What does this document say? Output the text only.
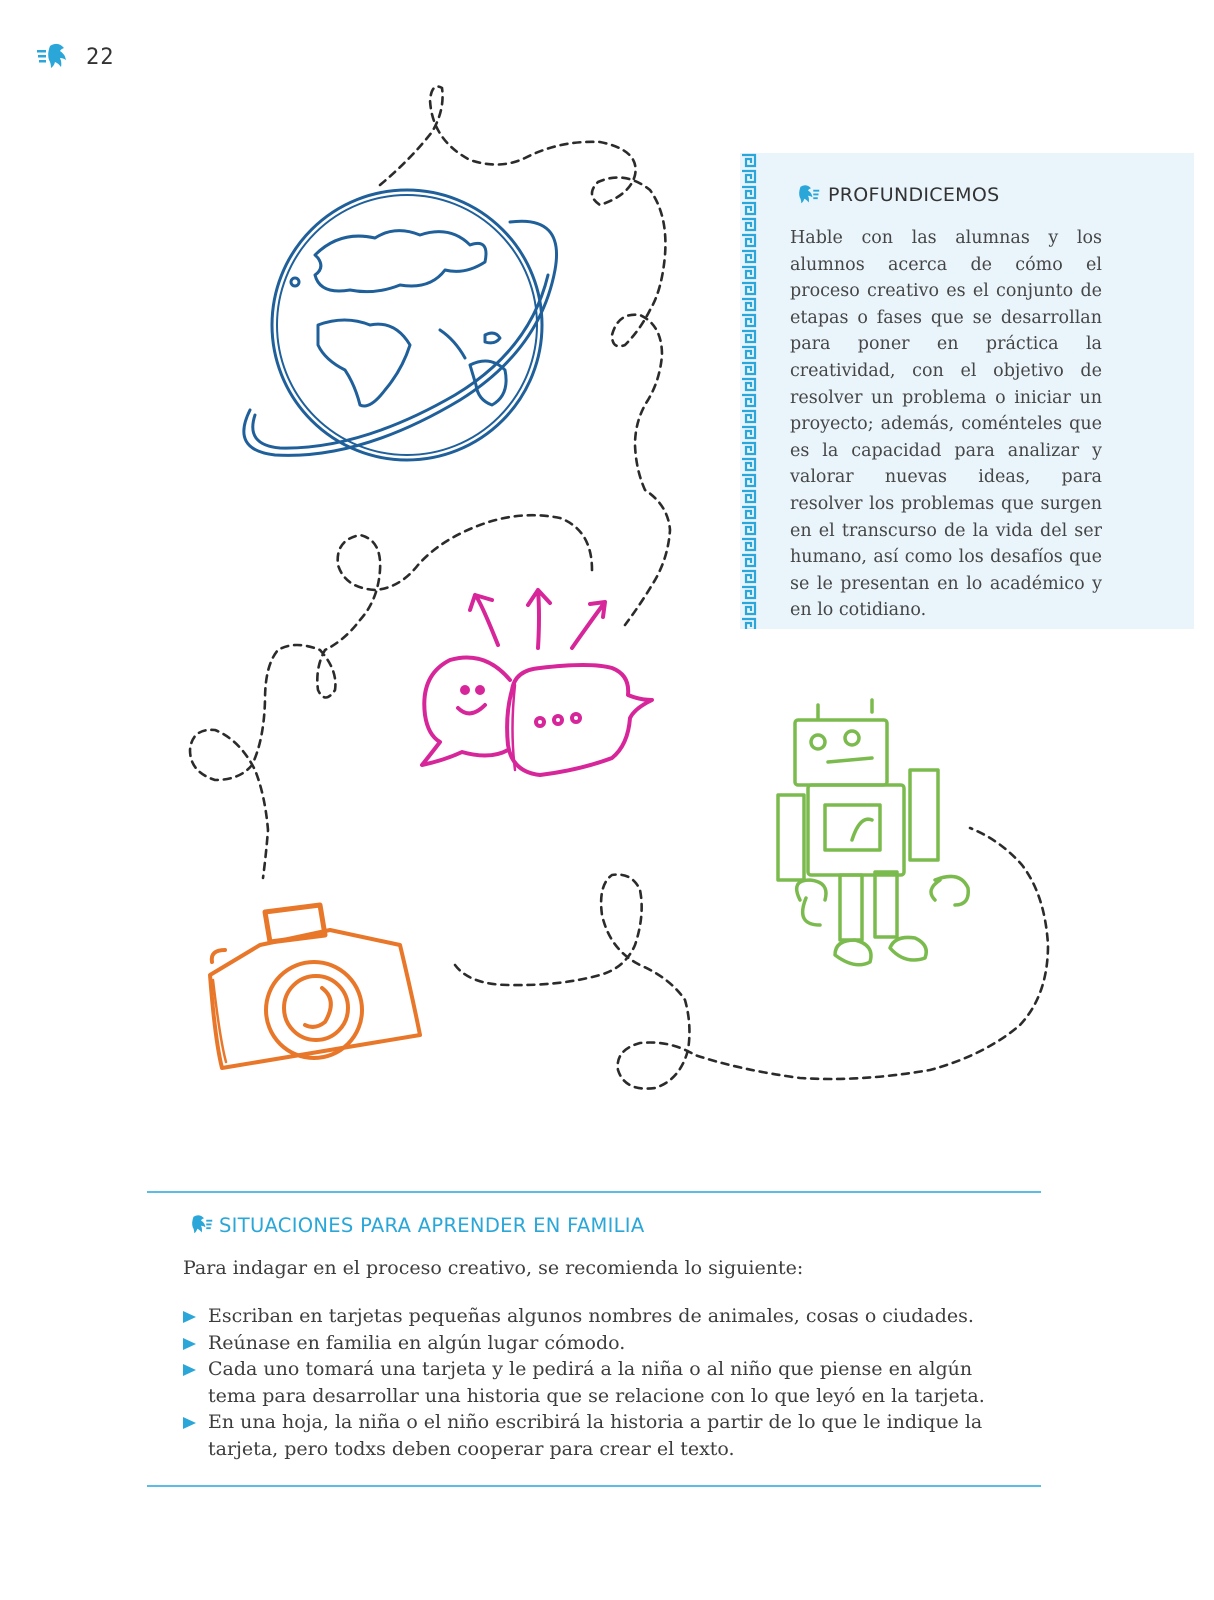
22
PROFUNDICEMOS

Hable con las alumnas y los alumnos acerca de cómo el proceso creativo es el conjunto de etapas o fases que se desarrollan para poner en práctica la creatividad, con el objetivo de resolver un problema o iniciar un proyecto; además, coménteles que es la capacidad para analizar y valorar nuevas ideas, para resolver los problemas que surgen en el transcurso de la vida del ser humano, así como los desafíos que se le presentan en lo académico y en lo cotidiano.

SITUACIONES PARA APRENDER EN FAMILIA

Para indagar en el proceso creativo, se recomienda lo siguiente:

Escriban en tarjetas pequeñas algunos nombres de animales, cosas o ciudades.
Reúnase en familia en algún lugar cómodo.
Cada uno tomará una tarjeta y le pedirá a la niña o al niño que piense en algún tema para desarrollar una historia que se relacione con lo que leyó en la tarjeta.
En una hoja, la niña o el niño escribirá la historia a partir de lo que le indique la tarjeta, pero todxs deben cooperar para crear el texto.
